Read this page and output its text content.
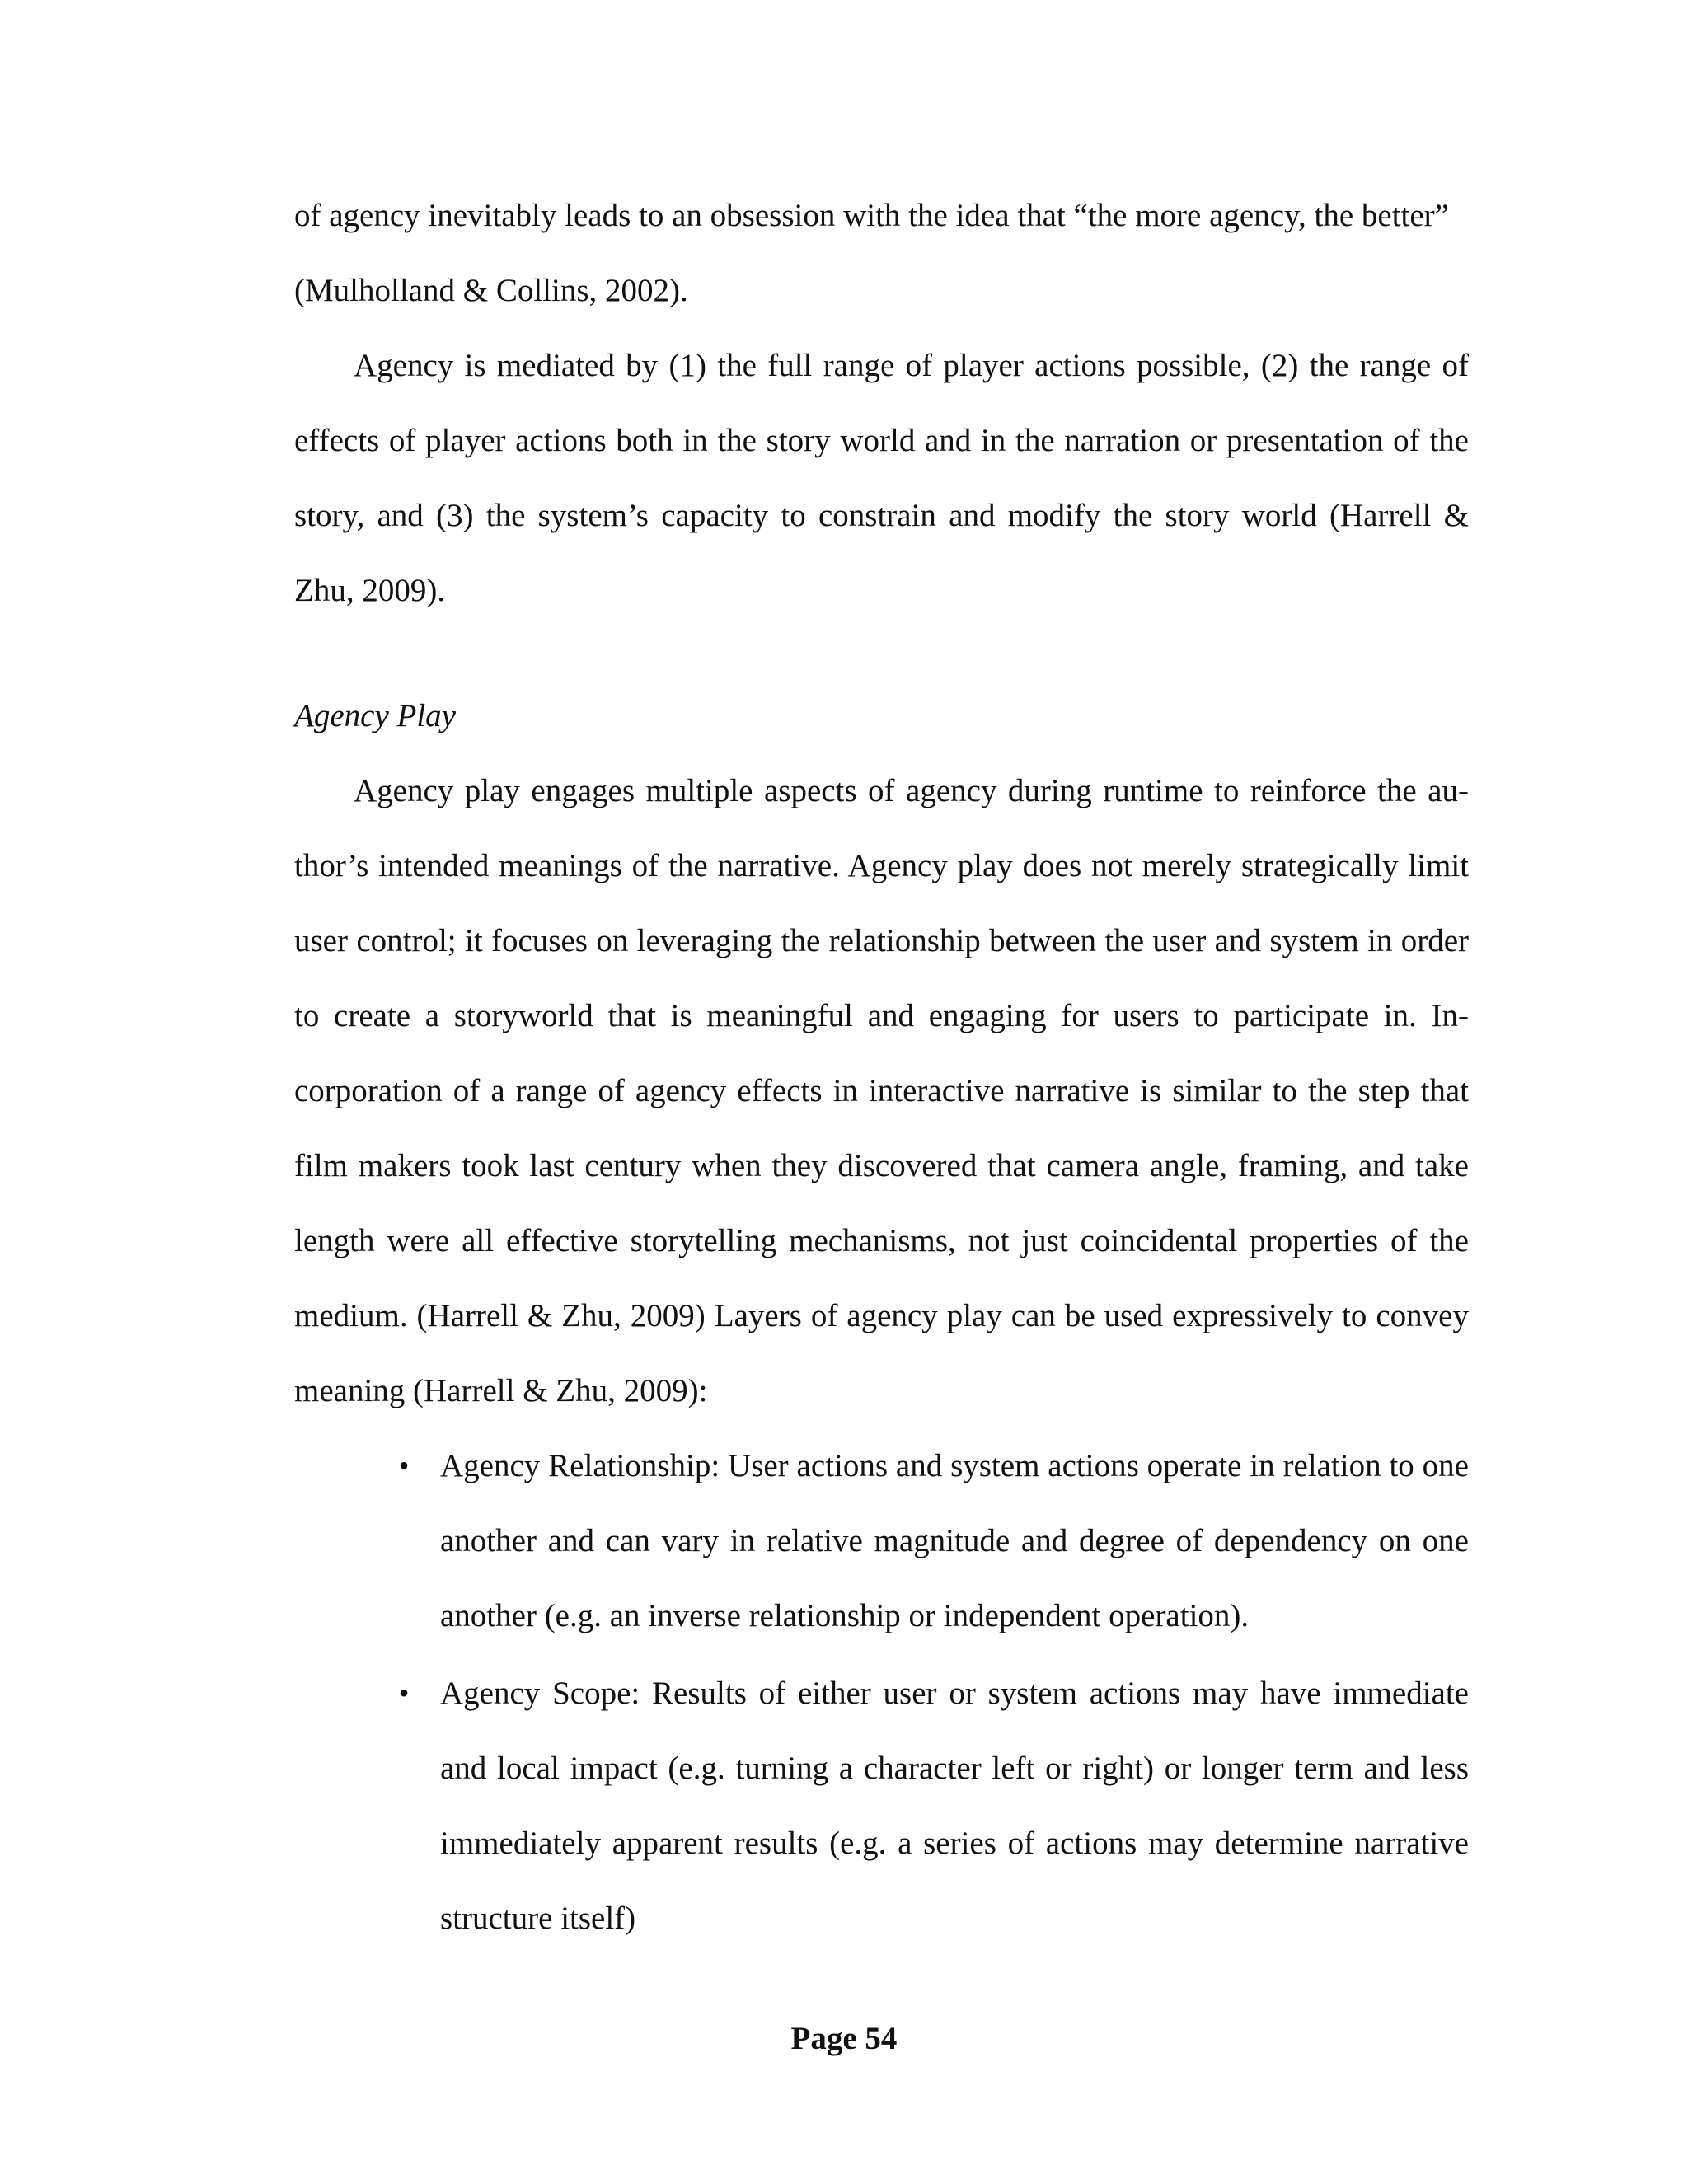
of agency inevitably leads to an obsession with the idea that “the more agency, the better” (Mulholland & Collins, 2002).

Agency is mediated by (1) the full range of player actions possible, (2) the range of effects of player actions both in the story world and in the narration or presentation of the story, and (3) the system’s capacity to constrain and modify the story world (Harrell & Zhu, 2009).

Agency Play

Agency play engages multiple aspects of agency during runtime to reinforce the author’s intended meanings of the narrative. Agency play does not merely strategically limit user control; it focuses on leveraging the relationship between the user and system in order to create a storyworld that is meaningful and engaging for users to participate in. Incorporation of a range of agency effects in interactive narrative is similar to the step that film makers took last century when they discovered that camera angle, framing, and take length were all effective storytelling mechanisms, not just coincidental properties of the medium. (Harrell & Zhu, 2009) Layers of agency play can be used expressively to convey meaning (Harrell & Zhu, 2009):

• Agency Relationship: User actions and system actions operate in relation to one another and can vary in relative magnitude and degree of dependency on one another (e.g. an inverse relationship or independent operation).
• Agency Scope: Results of either user or system actions may have immediate and local impact (e.g. turning a character left or right) or longer term and less immediately apparent results (e.g. a series of actions may determine narrative structure itself)
Page 54
